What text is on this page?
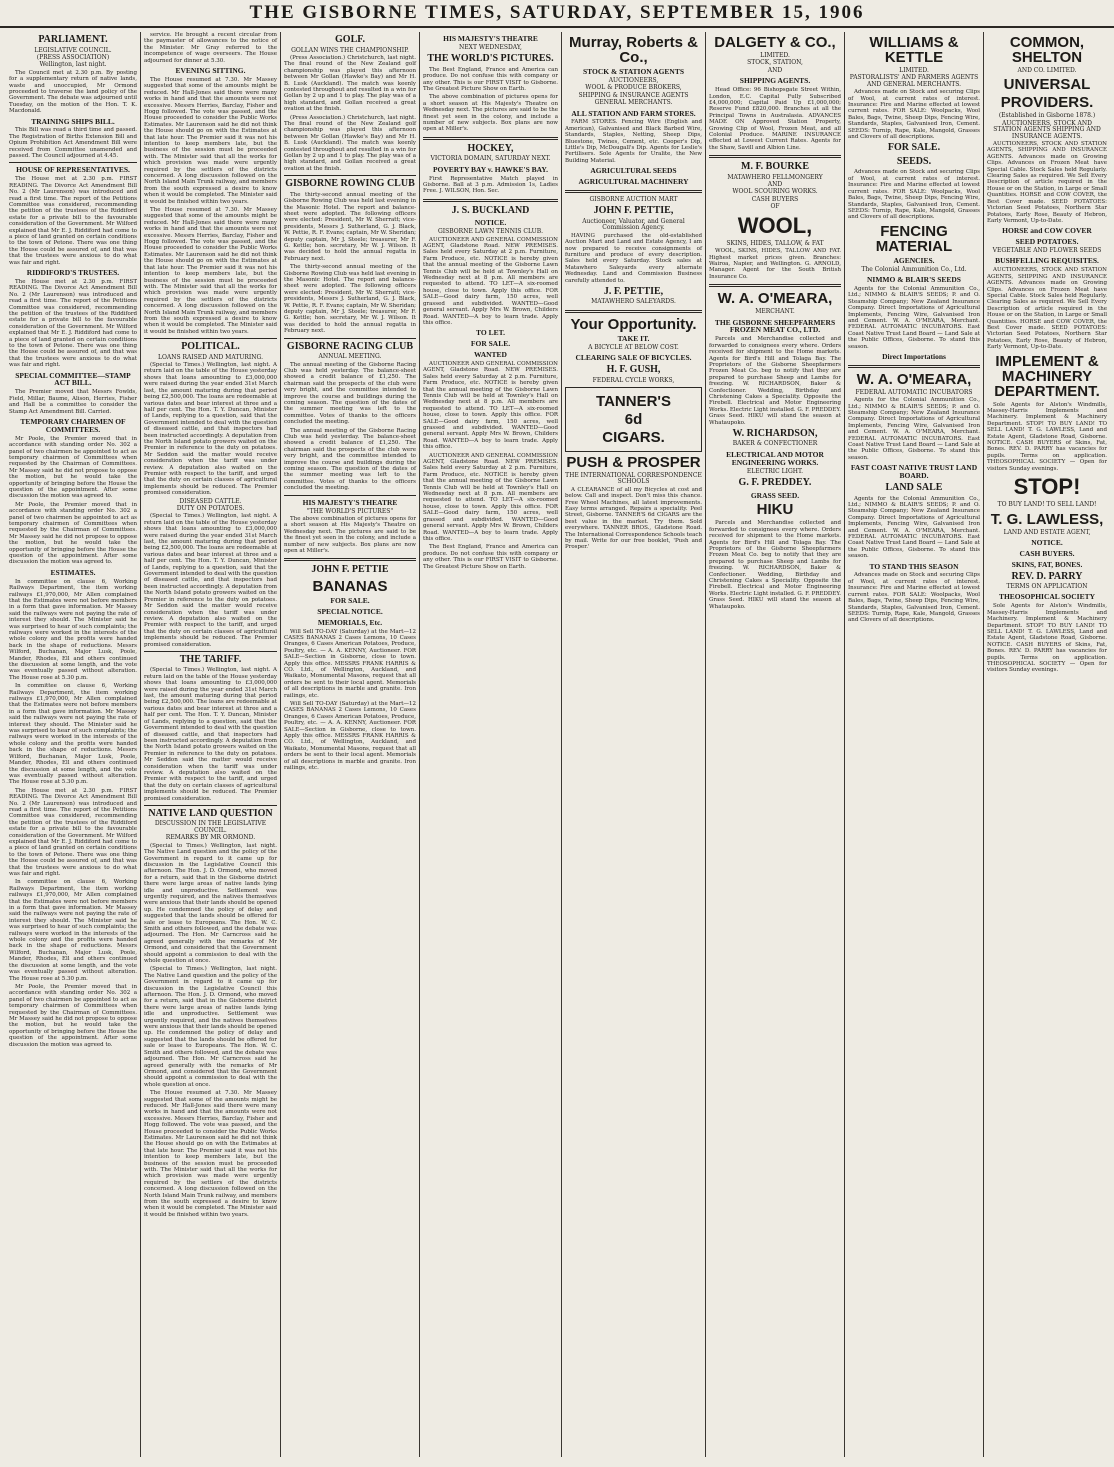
THE GISBORNE TIMES, SATURDAY, SEPTEMBER 15, 1906
PARLIAMENT.
LEGISLATIVE COUNCIL.
(PRESS ASSOCIATION)
Wellington, last night.

The Council met at 2.30 p.m. By posting for a supplementary return of native lands, waste and unoccupied, Mr Ormond proceeded to traverse the land policy of the Government. The debate was adjourned until Tuesday, on the motion of the Hon. T. K. Macdonald.

TRAINING SHIPS BILL.

This Bill was read a third time and passed. The Registration of Births Extension Bill and Opium Prohibition Act Amendment Bill were received from Committee unamended and passed. The Council adjourned at 4.45.

HOUSE OF REPRESENTATIVES.

The House met at 2.30 p.m. FIRST READING. The Divorce Act Amendment Bill No. 2 (Mr Laurenson) was introduced and read a first time. The report of the Petitions Committee was considered, recommending the petition of the trustees of the Riddiford estate for a private bill to the favourable consideration of the Government. Mr Wilford explained that Mr E. J. Riddiford had come to a piece of land granted on certain conditions to the town of Petone. There was one thing the House could be assured of, and that was that the trustees were anxious to do what was fair and right.

RIDDIFORD'S TRUSTEES.

The House met at 2.30 p.m. FIRST READING. The Divorce Act Amendment Bill No. 2 (Mr Laurenson) was introduced and read a first time. The report of the Petitions Committee was considered, recommending the petition of the trustees of the Riddiford estate for a private bill to the favourable consideration of the Government. Mr Wilford explained that Mr E. J. Riddiford had come to a piece of land granted on certain conditions to the town of Petone. There was one thing the House could be assured of, and that was that the trustees were anxious to do what was fair and right.

SPECIAL COMMITTEE—STAMP ACT BILL.

The Premier moved that Messrs Fowlds, Field, Millar, Baume, Alison, Herries, Fisher and Hall be a committee to consider the Stamp Act Amendment Bill. Carried.

TEMPORARY CHAIRMEN OF COMMITTEES.

Mr Poole, the Premier moved that in accordance with standing order No. 302 a panel of two chairmen be appointed to act as temporary chairmen of Committees when requested by the Chairman of Committees. Mr Massey said he did not propose to oppose the motion, but he would take the opportunity of bringing before the House the question of the appointment. After some discussion the motion was agreed to.

Mr Poole, the Premier moved that in accordance with standing order No. 302 a panel of two chairmen be appointed to act as temporary chairmen of Committees when requested by the Chairman of Committees. Mr Massey said he did not propose to oppose the motion, but he would take the opportunity of bringing before the House the question of the appointment. After some discussion the motion was agreed to.

ESTIMATES.

In committee on clause 6, Working Railways Department, the item working railways £1,970,000, Mr Allen complained that the Estimates were not before members in a form that gave information. Mr Massey said the railways were not paying the rate of interest they should. The Minister said he was surprised to hear of such complaints; the railways were worked in the interests of the whole colony and the profits were handed back in the shape of reductions. Messrs Wilford, Buchanan, Major Lusk, Poole, Mander, Rhodes, Ell and others continued the discussion at some length, and the vote was eventually passed without alteration. The House rose at 5.30 p.m.

In committee on clause 6, Working Railways Department, the item working railways £1,970,000, Mr Allen complained that the Estimates were not before members in a form that gave information. Mr Massey said the railways were not paying the rate of interest they should. The Minister said he was surprised to hear of such complaints; the railways were worked in the interests of the whole colony and the profits were handed back in the shape of reductions. Messrs Wilford, Buchanan, Major Lusk, Poole, Mander, Rhodes, Ell and others continued the discussion at some length, and the vote was eventually passed without alteration. The House rose at 5.30 p.m.

The House met at 2.30 p.m. FIRST READING. The Divorce Act Amendment Bill No. 2 (Mr Laurenson) was introduced and read a first time. The report of the Petitions Committee was considered, recommending the petition of the trustees of the Riddiford estate for a private bill to the favourable consideration of the Government. Mr Wilford explained that Mr E. J. Riddiford had come to a piece of land granted on certain conditions to the town of Petone. There was one thing the House could be assured of, and that was that the trustees were anxious to do what was fair and right.

In committee on clause 6, Working Railways Department, the item working railways £1,970,000, Mr Allen complained that the Estimates were not before members in a form that gave information. Mr Massey said the railways were not paying the rate of interest they should. The Minister said he was surprised to hear of such complaints; the railways were worked in the interests of the whole colony and the profits were handed back in the shape of reductions. Messrs Wilford, Buchanan, Major Lusk, Poole, Mander, Rhodes, Ell and others continued the discussion at some length, and the vote was eventually passed without alteration. The House rose at 5.30 p.m.

Mr Poole, the Premier moved that in accordance with standing order No. 302 a panel of two chairmen be appointed to act as temporary chairmen of Committees when requested by the Chairman of Committees. Mr Massey said he did not propose to oppose the motion, but he would take the opportunity of bringing before the House the question of the appointment. After some discussion the motion was agreed to.

service. He brought a recent circular from the paymaster of allowances to the notice of the Minister. Mr Gray referred to the incompetence of wage overseers. The House adjourned for dinner at 5.30.

EVENING SITTING.

The House resumed at 7.30. Mr Massey suggested that some of the amounts might be reduced. Mr Hall-Jones said there were many works in hand and that the amounts were not excessive. Messrs Herries, Barclay, Fisher and Hogg followed. The vote was passed, and the House proceeded to consider the Public Works Estimates. Mr Laurenson said he did not think the House should go on with the Estimates at that late hour. The Premier said it was not his intention to keep members late, but the business of the session must be proceeded with. The Minister said that all the works for which provision was made were urgently required by the settlers of the districts concerned. A long discussion followed on the North Island Main Trunk railway, and members from the south expressed a desire to know when it would be completed. The Minister said it would be finished within two years.

The House resumed at 7.30. Mr Massey suggested that some of the amounts might be reduced. Mr Hall-Jones said there were many works in hand and that the amounts were not excessive. Messrs Herries, Barclay, Fisher and Hogg followed. The vote was passed, and the House proceeded to consider the Public Works Estimates. Mr Laurenson said he did not think the House should go on with the Estimates at that late hour. The Premier said it was not his intention to keep members late, but the business of the session must be proceeded with. The Minister said that all the works for which provision was made were urgently required by the settlers of the districts concerned. A long discussion followed on the North Island Main Trunk railway, and members from the south expressed a desire to know when it would be completed. The Minister said it would be finished within two years.

POLITICAL.
LOANS RAISED AND MATURING.

(Special to Times.) Wellington, last night. A return laid on the table of the House yesterday shows that loans amounting to £3,000,000 were raised during the year ended 31st March last, the amount maturing during that period being £2,500,000. The loans are redeemable at various dates and bear interest at three and a half per cent. The Hon. T. Y. Duncan, Minister of Lands, replying to a question, said that the Government intended to deal with the question of diseased cattle, and that inspectors had been instructed accordingly. A deputation from the North Island potato growers waited on the Premier in reference to the duty on potatoes. Mr Seddon said the matter would receive consideration when the tariff was under review. A deputation also waited on the Premier with respect to the tariff, and urged that the duty on certain classes of agricultural implements should be reduced. The Premier promised consideration.

DISEASED CATTLE.
DUTY ON POTATOES.

(Special to Times.) Wellington, last night. A return laid on the table of the House yesterday shows that loans amounting to £3,000,000 were raised during the year ended 31st March last, the amount maturing during that period being £2,500,000. The loans are redeemable at various dates and bear interest at three and a half per cent. The Hon. T. Y. Duncan, Minister of Lands, replying to a question, said that the Government intended to deal with the question of diseased cattle, and that inspectors had been instructed accordingly. A deputation from the North Island potato growers waited on the Premier in reference to the duty on potatoes. Mr Seddon said the matter would receive consideration when the tariff was under review. A deputation also waited on the Premier with respect to the tariff, and urged that the duty on certain classes of agricultural implements should be reduced. The Premier promised consideration.

THE TARIFF.

(Special to Times.) Wellington, last night. A return laid on the table of the House yesterday shows that loans amounting to £3,000,000 were raised during the year ended 31st March last, the amount maturing during that period being £2,500,000. The loans are redeemable at various dates and bear interest at three and a half per cent. The Hon. T. Y. Duncan, Minister of Lands, replying to a question, said that the Government intended to deal with the question of diseased cattle, and that inspectors had been instructed accordingly. A deputation from the North Island potato growers waited on the Premier in reference to the duty on potatoes. Mr Seddon said the matter would receive consideration when the tariff was under review. A deputation also waited on the Premier with respect to the tariff, and urged that the duty on certain classes of agricultural implements should be reduced. The Premier promised consideration.

NATIVE LAND QUESTION
DISCUSSION IN THE LEGISLATIVE COUNCIL.
REMARKS BY MR ORMOND.

(Special to Times.) Wellington, last night. The Native Land question and the policy of the Government in regard to it came up for discussion in the Legislative Council this afternoon. The Hon. J. D. Ormond, who moved for a return, said that in the Gisborne district there were large areas of native lands lying idle and unproductive. Settlement was urgently required, and the natives themselves were anxious that their lands should be opened up. He condemned the policy of delay and suggested that the lands should be offered for sale or lease to Europeans. The Hon. W. C. Smith and others followed, and the debate was adjourned. The Hon. Mr Carncross said he agreed generally with the remarks of Mr Ormond, and considered that the Government should appoint a commission to deal with the whole question at once.

(Special to Times.) Wellington, last night. The Native Land question and the policy of the Government in regard to it came up for discussion in the Legislative Council this afternoon. The Hon. J. D. Ormond, who moved for a return, said that in the Gisborne district there were large areas of native lands lying idle and unproductive. Settlement was urgently required, and the natives themselves were anxious that their lands should be opened up. He condemned the policy of delay and suggested that the lands should be offered for sale or lease to Europeans. The Hon. W. C. Smith and others followed, and the debate was adjourned. The Hon. Mr Carncross said he agreed generally with the remarks of Mr Ormond, and considered that the Government should appoint a commission to deal with the whole question at once.

The House resumed at 7.30. Mr Massey suggested that some of the amounts might be reduced. Mr Hall-Jones said there were many works in hand and that the amounts were not excessive. Messrs Herries, Barclay, Fisher and Hogg followed. The vote was passed, and the House proceeded to consider the Public Works Estimates. Mr Laurenson said he did not think the House should go on with the Estimates at that late hour. The Premier said it was not his intention to keep members late, but the business of the session must be proceeded with. The Minister said that all the works for which provision was made were urgently required by the settlers of the districts concerned. A long discussion followed on the North Island Main Trunk railway, and members from the south expressed a desire to know when it would be completed. The Minister said it would be finished within two years.

GOLF.
GOLLAN WINS THE CHAMPIONSHIP.

(Press Association.) Christchurch, last night. The final round of the New Zealand golf championship was played this afternoon between Mr Gollan (Hawke's Bay) and Mr H. B. Lusk (Auckland). The match was keenly contested throughout and resulted in a win for Gollan by 2 up and 1 to play. The play was of a high standard, and Gollan received a great ovation at the finish.

(Press Association.) Christchurch, last night. The final round of the New Zealand golf championship was played this afternoon between Mr Gollan (Hawke's Bay) and Mr H. B. Lusk (Auckland). The match was keenly contested throughout and resulted in a win for Gollan by 2 up and 1 to play. The play was of a high standard, and Gollan received a great ovation at the finish.

GISBORNE ROWING CLUB

The thirty-second annual meeting of the Gisborne Rowing Club was held last evening in the Masonic Hotel. The report and balance-sheet were adopted. The following officers were elected: President, Mr W. Sherratt; vice-presidents, Messrs J. Sutherland, G. J. Black, W. Pettie, R. F. Evans; captain, Mr W. Sheridan; deputy captain, Mr J. Steele; treasurer, Mr F. G. Kettle; hon. secretary, Mr W. J. Wilson. It was decided to hold the annual regatta in February next.

The thirty-second annual meeting of the Gisborne Rowing Club was held last evening in the Masonic Hotel. The report and balance-sheet were adopted. The following officers were elected: President, Mr W. Sherratt; vice-presidents, Messrs J. Sutherland, G. J. Black, W. Pettie, R. F. Evans; captain, Mr W. Sheridan; deputy captain, Mr J. Steele; treasurer, Mr F. G. Kettle; hon. secretary, Mr W. J. Wilson. It was decided to hold the annual regatta in February next.

GISBORNE RACING CLUB
ANNUAL MEETING.

The annual meeting of the Gisborne Racing Club was held yesterday. The balance-sheet showed a credit balance of £1,250. The chairman said the prospects of the club were very bright, and the committee intended to improve the course and buildings during the coming season. The question of the dates of the summer meeting was left to the committee. Votes of thanks to the officers concluded the meeting.

The annual meeting of the Gisborne Racing Club was held yesterday. The balance-sheet showed a credit balance of £1,250. The chairman said the prospects of the club were very bright, and the committee intended to improve the course and buildings during the coming season. The question of the dates of the summer meeting was left to the committee. Votes of thanks to the officers concluded the meeting.

HIS MAJESTY'S THEATRE
"THE WORLD'S PICTURES"

The above combination of pictures opens for a short season at His Majesty's Theatre on Wednesday next. The pictures are said to be the finest yet seen in the colony, and include a number of new subjects. Box plans are now open at Miller's.

JOHN F. PETTIE
BANANAS
FOR SALE.
SPECIAL NOTICE.
MEMORIALS, Etc.

Will Sell TO-DAY (Saturday) at the Mart—12 CASES BANANAS 2 Cases Lemons, 10 Cases Oranges, 6 Cases American Potatoes, Produce, Poultry, etc. — A. A. KENNY, Auctioneer. FOR SALE—Section in Gisborne, close to town. Apply this office. MESSRS FRANK HARRIS & CO. Ltd., of Wellington, Auckland, and Waikato, Monumental Masons, request that all orders be sent to their local agent. Memorials of all descriptions in marble and granite. Iron railings, etc.

Will Sell TO-DAY (Saturday) at the Mart—12 CASES BANANAS 2 Cases Lemons, 10 Cases Oranges, 6 Cases American Potatoes, Produce, Poultry, etc. — A. A. KENNY, Auctioneer. FOR SALE—Section in Gisborne, close to town. Apply this office. MESSRS FRANK HARRIS & CO. Ltd., of Wellington, Auckland, and Waikato, Monumental Masons, request that all orders be sent to their local agent. Memorials of all descriptions in marble and granite. Iron railings, etc.

HIS MAJESTY'S THEATRE
NEXT WEDNESDAY,
THE WORLD'S PICTURES.

The Best England, France and America can produce. Do not confuse this with company or any other. This is our FIRST VISIT to Gisborne. The Greatest Picture Show on Earth.

The above combination of pictures opens for a short season at His Majesty's Theatre on Wednesday next. The pictures are said to be the finest yet seen in the colony, and include a number of new subjects. Box plans are now open at Miller's.

HOCKEY,
VICTORIA DOMAIN, SATURDAY NEXT.
POVERTY BAY v. HAWKE'S BAY.

First Representative Match played in Gisborne. Ball at 3 p.m. Admission 1s, Ladies Free. J. WILSON, Hon. Sec.

J. S. BUCKLAND
NOTICE.
GISBORNE LAWN TENNIS CLUB.

AUCTIONEER AND GENERAL COMMISSION AGENT, Gladstone Road. NEW PREMISES. Sales held every Saturday at 2 p.m. Furniture, Farm Produce, etc. NOTICE is hereby given that the annual meeting of the Gisborne Lawn Tennis Club will be held at Townley's Hall on Wednesday next at 8 p.m. All members are requested to attend. TO LET—A six-roomed house, close to town. Apply this office. FOR SALE—Good dairy farm, 150 acres, well grassed and subdivided. WANTED—Good general servant. Apply Mrs W. Brown, Childers Road. WANTED—A boy to learn trade. Apply this office.

TO LET.
FOR SALE.
WANTED

AUCTIONEER AND GENERAL COMMISSION AGENT, Gladstone Road. NEW PREMISES. Sales held every Saturday at 2 p.m. Furniture, Farm Produce, etc. NOTICE is hereby given that the annual meeting of the Gisborne Lawn Tennis Club will be held at Townley's Hall on Wednesday next at 8 p.m. All members are requested to attend. TO LET—A six-roomed house, close to town. Apply this office. FOR SALE—Good dairy farm, 150 acres, well grassed and subdivided. WANTED—Good general servant. Apply Mrs W. Brown, Childers Road. WANTED—A boy to learn trade. Apply this office.

AUCTIONEER AND GENERAL COMMISSION AGENT, Gladstone Road. NEW PREMISES. Sales held every Saturday at 2 p.m. Furniture, Farm Produce, etc. NOTICE is hereby given that the annual meeting of the Gisborne Lawn Tennis Club will be held at Townley's Hall on Wednesday next at 8 p.m. All members are requested to attend. TO LET—A six-roomed house, close to town. Apply this office. FOR SALE—Good dairy farm, 150 acres, well grassed and subdivided. WANTED—Good general servant. Apply Mrs W. Brown, Childers Road. WANTED—A boy to learn trade. Apply this office.

The Best England, France and America can produce. Do not confuse this with company or any other. This is our FIRST VISIT to Gisborne. The Greatest Picture Show on Earth.

Murray, Roberts & Co.,
STOCK & STATION AGENTS
AUCTIONEERS,
WOOL & PRODUCE BROKERS,
SHIPPING & INSURANCE AGENTS
GENERAL MERCHANTS.
ALL STATION AND FARM STORES.

FARM STORES. Fencing Wire (English and American), Galvanised and Black Barbed Wire, Standards, Staples, Netting, Sheep Dips, Bluestone, Twines, Cement, etc. Cooper's Dip, Little's Dip, McDougall's Dip. Agents for Leslie's Fertilisers. Sole Agents for Uralite, the New Building Material.

AGRICULTURAL SEEDS
AGRICULTURAL MACHINERY
GISBORNE AUCTION MART
JOHN F. PETTIE,
Auctioneer, Valuator, and General Commission Agency.

HAVING purchased the old-established Auction Mart and Land and Estate Agency, I am now prepared to receive consignments of furniture and produce of every description. Sales held every Saturday. Stock sales at Matawhero Saleyards every alternate Wednesday. Land and Commission Business carefully attended to.

J. F. PETTIE,
MATAWHERO SALEYARDS.
Your Opportunity.
TAKE IT.
A BICYCLE AT BELOW COST.
CLEARING SALE OF BICYCLES.
H. F. GUSH,
FEDERAL CYCLE WORKS,
TANNER'S
6d
CIGARS.
PUSH & PROSPER
THE INTERNATIONAL CORRESPONDENCE SCHOOLS

A CLEARANCE of all my Bicycles at cost and below. Call and inspect. Don't miss this chance. Free Wheel Machines, all latest improvements. Easy terms arranged. Repairs a speciality. Peel Street, Gisborne. TANNER'S 6d CIGARS are the best value in the market. Try them. Sold everywhere. TANNER BROS., Gladstone Road. The International Correspondence Schools teach by mail. Write for our free booklet, 'Push and Prosper.'

DALGETY & CO.,
LIMITED.
STOCK, STATION,
AND
SHIPPING AGENTS.

Head Office: 96 Bishopsgate Street Within, London, E.C. Capital Fully Subscribed £4,000,000; Capital Paid Up £1,000,000; Reserve Fund £820,000. Branches at all the Principal Towns in Australasia. ADVANCES MADE ON Approved Station Property, Growing Clip of Wool, Frozen Meat, and all Colonial Produce. MARINE INSURANCE effected at Lowest Current Rates. Agents for the Shaw, Savill and Albion Line.

M. F. BOURKE
MATAWHERO FELLMONGERY
AND
WOOL SCOURING WORKS.
CASH BUYERS
OF
WOOL,
SKINS, HIDES, TALLOW, & FAT

WOOL, SKINS, HIDES, TALLOW AND FAT. Highest market prices given. Branches: Wairoa, Napier, and Wellington. G. ARNOLD, Manager. Agent for the South British Insurance Co.

W. A. O'MEARA,
MERCHANT.
THE GISBORNE SHEEPFARMERS FROZEN MEAT CO., LTD.

Parcels and Merchandise collected and forwarded to consignees every where. Orders received for shipment to the Home markets. Agents for Bird's Hill and Tolaga Bay. The Proprietors of the Gisborne Sheepfarmers Frozen Meat Co. beg to notify that they are prepared to purchase Sheep and Lambs for freezing. W. RICHARDSON, Baker & Confectioner. Wedding, Birthday and Christening Cakes a Speciality. Opposite the Firebell. Electrical and Motor Engineering Works. Electric Light installed. G. F. PREDDEY. Grass Seed. HIKU will stand the season at Whataupoko.

W. RICHARDSON,
BAKER & CONFECTIONER
ELECTRICAL AND MOTOR ENGINEERING WORKS.
ELECTRIC LIGHT.
G. F. PREDDEY.
GRASS SEED.
HIKU

Parcels and Merchandise collected and forwarded to consignees every where. Orders received for shipment to the Home markets. Agents for Bird's Hill and Tolaga Bay. The Proprietors of the Gisborne Sheepfarmers Frozen Meat Co. beg to notify that they are prepared to purchase Sheep and Lambs for freezing. W. RICHARDSON, Baker & Confectioner. Wedding, Birthday and Christening Cakes a Speciality. Opposite the Firebell. Electrical and Motor Engineering Works. Electric Light installed. G. F. PREDDEY. Grass Seed. HIKU will stand the season at Whataupoko.

WILLIAMS & KETTLE
LIMITED.
PASTORALISTS' AND FARMERS AGENTS AND GENERAL MERCHANTS.

Advances made on Stock and securing Clips of Wool, at current rates of interest. Insurance: Fire and Marine effected at lowest current rates. FOR SALE: Woolpacks, Wool Bales, Bags, Twine, Sheep Dips, Fencing Wire, Standards, Staples, Galvanised Iron, Cement. SEEDS: Turnip, Rape, Kale, Mangold, Grasses and Clovers of all descriptions.

FOR SALE.
SEEDS.

Advances made on Stock and securing Clips of Wool, at current rates of interest. Insurance: Fire and Marine effected at lowest current rates. FOR SALE: Woolpacks, Wool Bales, Bags, Twine, Sheep Dips, Fencing Wire, Standards, Staples, Galvanised Iron, Cement. SEEDS: Turnip, Rape, Kale, Mangold, Grasses and Clovers of all descriptions.

FENCING MATERIAL
AGENCIES.
The Colonial Ammunition Co., Ltd.
NIMMO & BLAIR'S SEEDS

Agents for the Colonial Ammunition Co., Ltd.; NIMMO & BLAIR'S SEEDS; P. and O. Steamship Company; New Zealand Insurance Company. Direct Importations of Agricultural Implements, Fencing Wire, Galvanised Iron and Cement. W. A. O'MEARA, Merchant. FEDERAL AUTOMATIC INCUBATORS. East Coast Native Trust Land Board — Land Sale at the Public Offices, Gisborne. To stand this season.

Direct Importations
W. A. O'MEARA,
FEDERAL AUTOMATIC INCUBATORS

Agents for the Colonial Ammunition Co., Ltd.; NIMMO & BLAIR'S SEEDS; P. and O. Steamship Company; New Zealand Insurance Company. Direct Importations of Agricultural Implements, Fencing Wire, Galvanised Iron and Cement. W. A. O'MEARA, Merchant. FEDERAL AUTOMATIC INCUBATORS. East Coast Native Trust Land Board — Land Sale at the Public Offices, Gisborne. To stand this season.

FAST COAST NATIVE TRUST LAND BOARD.
LAND SALE

Agents for the Colonial Ammunition Co., Ltd.; NIMMO & BLAIR'S SEEDS; P. and O. Steamship Company; New Zealand Insurance Company. Direct Importations of Agricultural Implements, Fencing Wire, Galvanised Iron and Cement. W. A. O'MEARA, Merchant. FEDERAL AUTOMATIC INCUBATORS. East Coast Native Trust Land Board — Land Sale at the Public Offices, Gisborne. To stand this season.

TO STAND THIS SEASON

Advances made on Stock and securing Clips of Wool, at current rates of interest. Insurance: Fire and Marine effected at lowest current rates. FOR SALE: Woolpacks, Wool Bales, Bags, Twine, Sheep Dips, Fencing Wire, Standards, Staples, Galvanised Iron, Cement. SEEDS: Turnip, Rape, Kale, Mangold, Grasses and Clovers of all descriptions.

COMMON, SHELTON
AND CO. LIMITED.
UNIVERSAL
PROVIDERS.
(Established in Gisborne 1878.)
AUCTIONEERS, STOCK AND STATION AGENTS SHIPPING AND INSURANCE AGENTS.

AUCTIONEERS, STOCK AND STATION AGENTS, SHIPPING AND INSURANCE AGENTS. Advances made on Growing Clips. Advances on Frozen Meat have Special Cable. Stock Sales held Regularly. Clearing Sales as required. We Sell Every Description of article required in the House or on the Station, in Large or Small Quantities. HORSE and COW COVER, the Best Cover made. SEED POTATOES: Victorian Seed Potatoes, Northern Star Potatoes, Early Rose, Beauty of Hebron, Early Vermont, Up-to-Date.

HORSE and COW COVER
SEED POTATOES.
VEGETABLE AND FLOWER SEEDS
BUSHFELLING REQUISITES.

AUCTIONEERS, STOCK AND STATION AGENTS, SHIPPING AND INSURANCE AGENTS. Advances made on Growing Clips. Advances on Frozen Meat have Special Cable. Stock Sales held Regularly. Clearing Sales as required. We Sell Every Description of article required in the House or on the Station, in Large or Small Quantities. HORSE and COW COVER, the Best Cover made. SEED POTATOES: Victorian Seed Potatoes, Northern Star Potatoes, Early Rose, Beauty of Hebron, Early Vermont, Up-to-Date.

IMPLEMENT & MACHINERY DEPARTMENT.

Sole Agents for Alston's Windmills, Massey-Harris Implements and Machinery. Implement & Machinery Department. STOP! TO BUY LAND! TO SELL LAND! T. G. LAWLESS, Land and Estate Agent, Gladstone Road, Gisborne. NOTICE. CASH BUYERS of Skins, Fat, Bones. REV. D. PARRY has vacancies for pupils. Terms on application. THEOSOPHICAL SOCIETY — Open for visitors Sunday evenings.

STOP!
TO BUY LAND! TO SELL LAND!
T. G. LAWLESS,
LAND AND ESTATE AGENT,
NOTICE.
CASH BUYERS.
SKINS, FAT, BONES.
REV. D. PARRY
TERMS ON APPLICATION
THEOSOPHICAL SOCIETY

Sole Agents for Alston's Windmills, Massey-Harris Implements and Machinery. Implement & Machinery Department. STOP! TO BUY LAND! TO SELL LAND! T. G. LAWLESS, Land and Estate Agent, Gladstone Road, Gisborne. NOTICE. CASH BUYERS of Skins, Fat, Bones. REV. D. PARRY has vacancies for pupils. Terms on application. THEOSOPHICAL SOCIETY — Open for visitors Sunday evenings.
